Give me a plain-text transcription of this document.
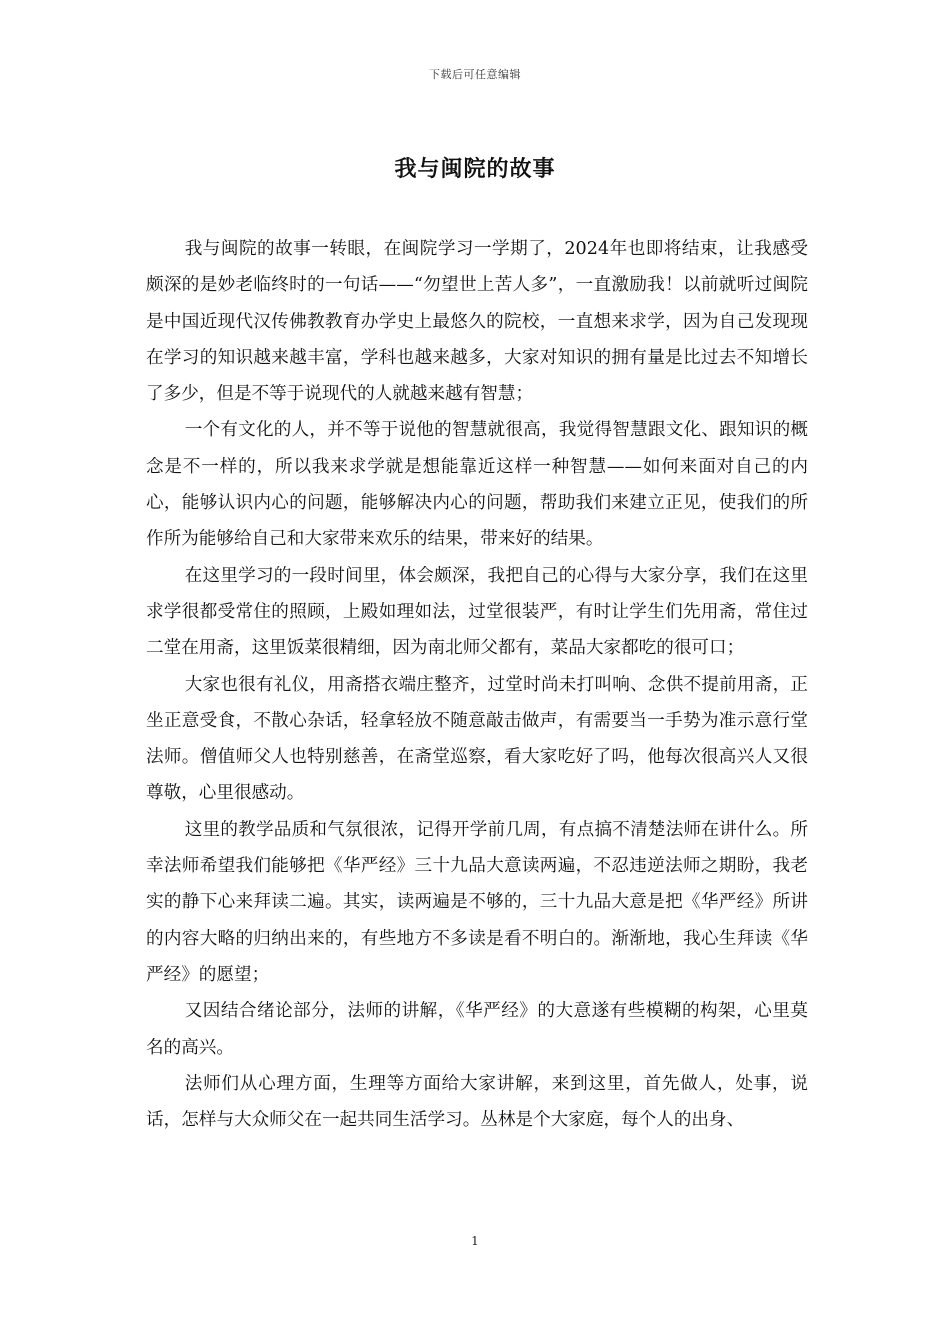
下载后可任意编辑
我与闽院的故事

我与闽院的故事一转眼，在闽院学习一学期了，2024年也即将结束，让我感受颇深的是妙老临终时的一句话——“勿望世上苦人多”，一直激励我！以前就听过闽院是中国近现代汉传佛教教育办学史上最悠久的院校，一直想来求学，因为自己发现现在学习的知识越来越丰富，学科也越来越多，大家对知识的拥有量是比过去不知增长了多少，但是不等于说现代的人就越来越有智慧；

一个有文化的人，并不等于说他的智慧就很高，我觉得智慧跟文化、跟知识的概念是不一样的，所以我来求学就是想能靠近这样一种智慧——如何来面对自己的内心，能够认识内心的问题，能够解决内心的问题，帮助我们来建立正见，使我们的所作所为能够给自己和大家带来欢乐的结果，带来好的结果。

在这里学习的一段时间里，体会颇深，我把自己的心得与大家分享，我们在这里求学很都受常住的照顾，上殿如理如法，过堂很装严，有时让学生们先用斋，常住过二堂在用斋，这里饭菜很精细，因为南北师父都有，菜品大家都吃的很可口；

大家也很有礼仪，用斋搭衣端庄整齐，过堂时尚未打叫响、念供不提前用斋，正坐正意受食，不散心杂话，轻拿轻放不随意敲击做声，有需要当一手势为准示意行堂法师。僧值师父人也特别慈善，在斋堂巡察，看大家吃好了吗，他每次很高兴人又很尊敬，心里很感动。

这里的教学品质和气氛很浓，记得开学前几周，有点搞不清楚法师在讲什么。所幸法师希望我们能够把《华严经》三十九品大意读两遍，不忍违逆法师之期盼，我老实的静下心来拜读二遍。其实，读两遍是不够的，三十九品大意是把《华严经》所讲的内容大略的归纳出来的，有些地方不多读是看不明白的。渐渐地，我心生拜读《华严经》的愿望；

又因结合绪论部分，法师的讲解，《华严经》的大意遂有些模糊的构架，心里莫名的高兴。

法师们从心理方面，生理等方面给大家讲解，来到这里，首先做人，处事，说话，怎样与大众师父在一起共同生活学习。丛林是个大家庭，每个人的出身、

1
